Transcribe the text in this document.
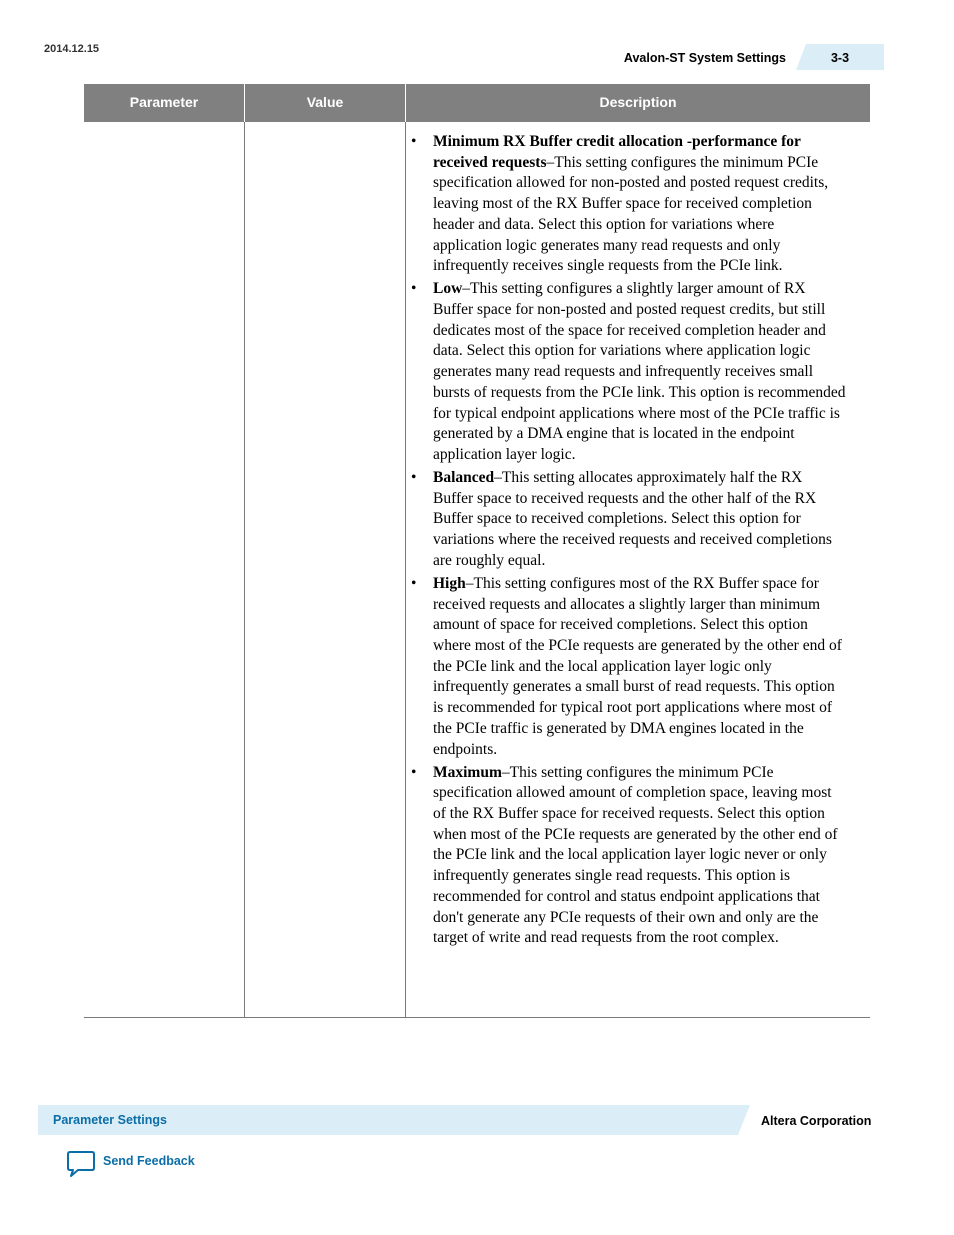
2014.12.15
Avalon-ST System Settings	3-3
Parameter	Value	Description
• Minimum RX Buffer credit allocation -performance for received requests–This setting configures the minimum PCIe specification allowed for non-posted and posted request credits, leaving most of the RX Buffer space for received completion header and data. Select this option for variations where application logic generates many read requests and only infrequently receives single requests from the PCIe link.
• Low–This setting configures a slightly larger amount of RX Buffer space for non-posted and posted request credits, but still dedicates most of the space for received completion header and data. Select this option for variations where application logic generates many read requests and infrequently receives small bursts of requests from the PCIe link. This option is recommended for typical endpoint applications where most of the PCIe traffic is generated by a DMA engine that is located in the endpoint application layer logic.
• Balanced–This setting allocates approximately half the RX Buffer space to received requests and the other half of the RX Buffer space to received completions. Select this option for variations where the received requests and received completions are roughly equal.
• High–This setting configures most of the RX Buffer space for received requests and allocates a slightly larger than minimum amount of space for received completions. Select this option where most of the PCIe requests are generated by the other end of the PCIe link and the local application layer logic only infrequently generates a small burst of read requests. This option is recommended for typical root port applications where most of the PCIe traffic is generated by DMA engines located in the endpoints.
• Maximum–This setting configures the minimum PCIe specification allowed amount of completion space, leaving most of the RX Buffer space for received requests. Select this option when most of the PCIe requests are generated by the other end of the PCIe link and the local application layer logic never or only infrequently generates single read requests. This option is recommended for control and status endpoint applications that don't generate any PCIe requests of their own and only are the target of write and read requests from the root complex.
Parameter Settings	Altera Corporation
Send Feedback
